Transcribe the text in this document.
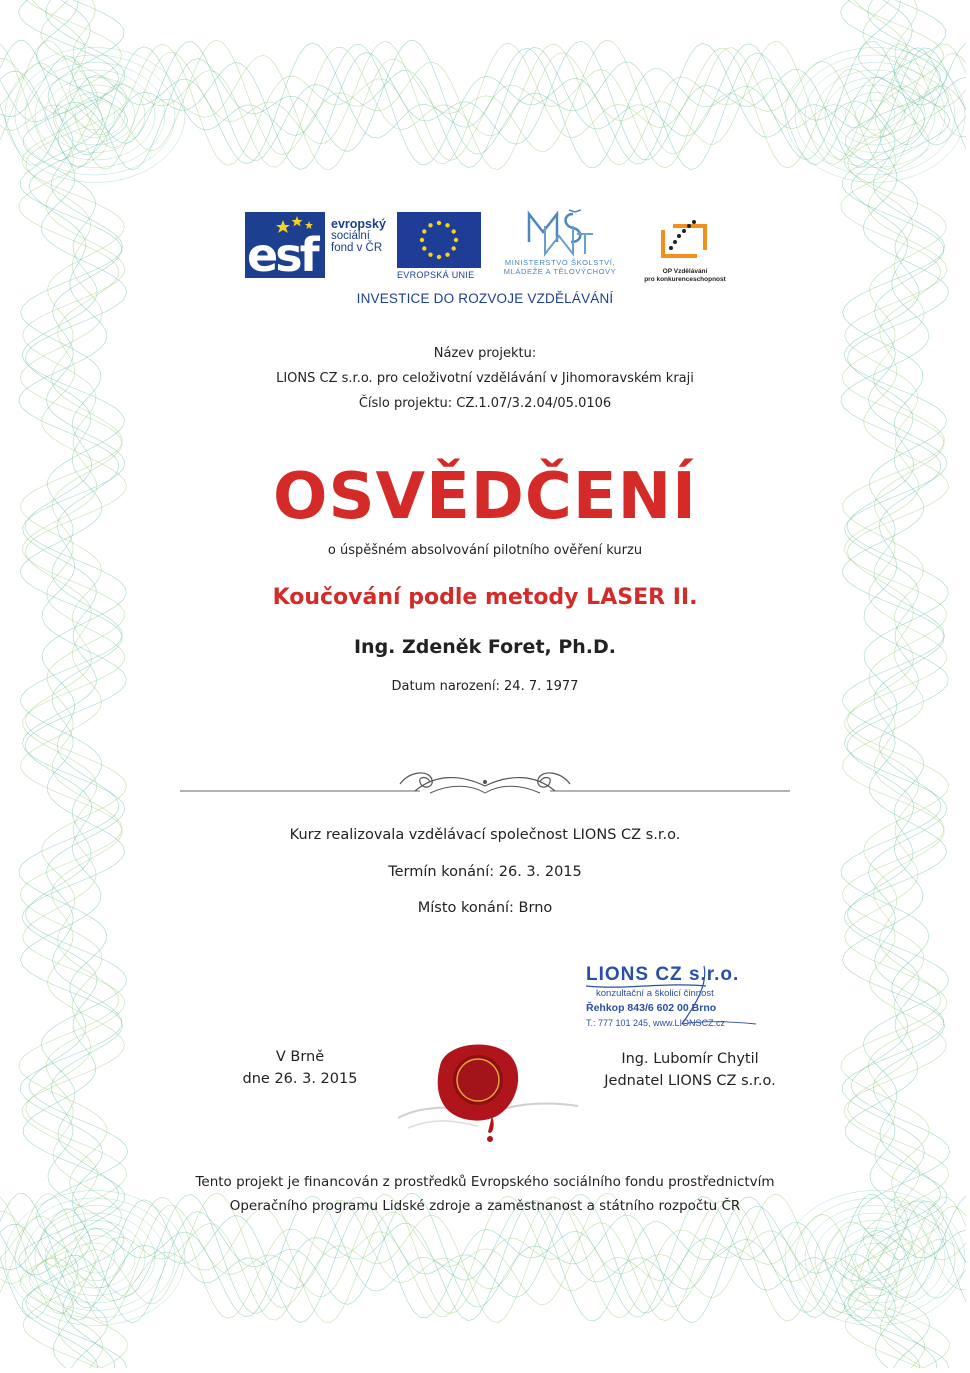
esf
evropský
sociální
fond v ČR
EVROPSKÁ UNIE
MINISTERSTVO ŠKOLSTVÍ,
MLÁDEŽE A TĚLOVÝCHOVY	OP Vzdělávání
pro konkurenceschopnost
INVESTICE DO ROZVOJE VZDĚLÁVÁNÍ
Název projektu:
LIONS CZ s.r.o. pro celoživotní vzdělávání v Jihomoravském kraji
Číslo projektu: CZ.1.07/3.2.04/05.0106
OSVĚDČENÍ
o úspěšném absolvování pilotního ověření kurzu
Koučování podle metody LASER II.
Ing. Zdeněk Foret, Ph.D.
Datum narození: 24. 7. 1977
Kurz realizovala vzdělávací společnost LIONS CZ s.r.o.
Termín konání: 26. 3. 2015
Místo konání: Brno
LIONS CZ s.r.o.
konzultační a školicí činnost
Řehkop 843/6 602 00 Brno
T.: 777 101 245, www.LIONSCZ.cz
V Brně
dne 26. 3. 2015
Ing. Lubomír Chytil
Jednatel LIONS CZ s.r.o.
Tento projekt je financován z prostředků Evropského sociálního fondu prostřednictvím
Operačního programu Lidské zdroje a zaměstnanost a státního rozpočtu ČR
